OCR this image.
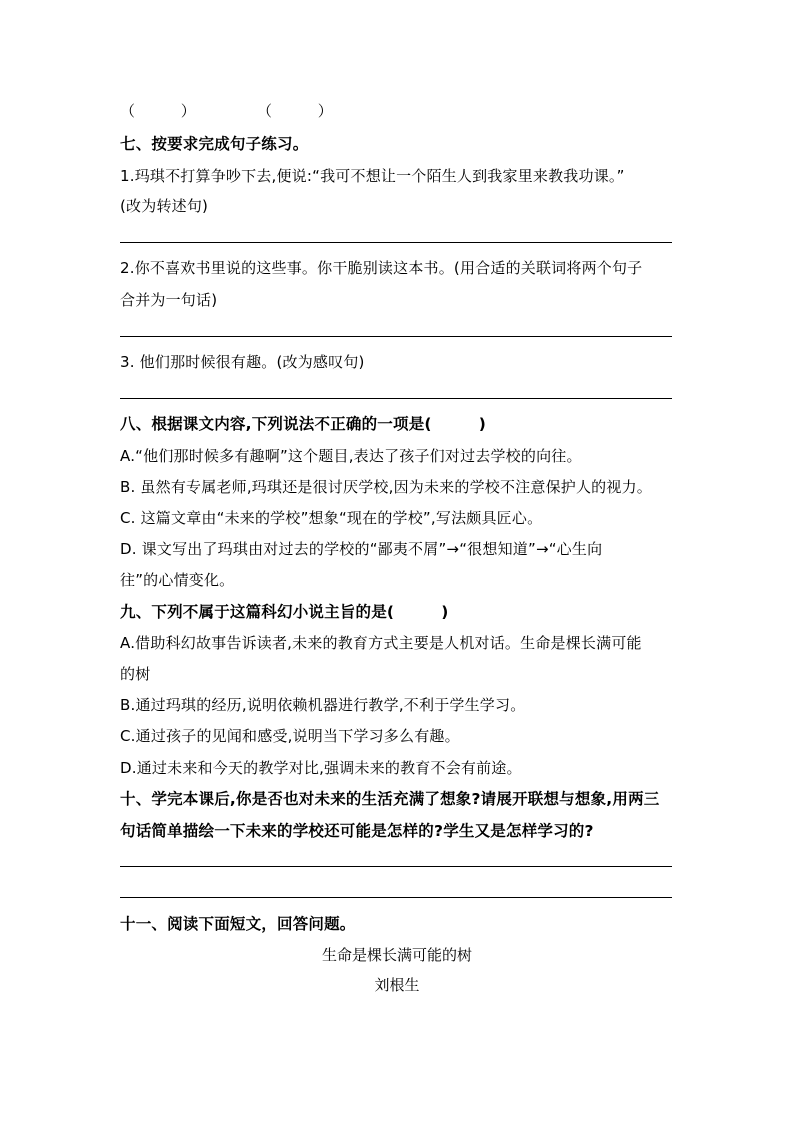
（　　　）　　　　　（　　　）
七、按要求完成句子练习。
1.玛琪不打算争吵下去,便说:“我可不想让一个陌生人到我家里来教我功课。”
(改为转述句)
2.你不喜欢书里说的这些事。你干脆别读这本书。(用合适的关联词将两个句子
合并为一句话)
3. 他们那时候很有趣。(改为感叹句)
八、根据课文内容,下列说法不正确的一项是(　　　)
A.“他们那时候多有趣啊”这个题目,表达了孩子们对过去学校的向往。
B. 虽然有专属老师,玛琪还是很讨厌学校,因为未来的学校不注意保护人的视力。
C. 这篇文章由“未来的学校”想象“现在的学校”,写法颇具匠心。
D. 课文写出了玛琪由对过去的学校的“鄙夷不屑”→“很想知道”→“心生向
往”的心情变化。
九、下列不属于这篇科幻小说主旨的是(　　　)
A.借助科幻故事告诉读者,未来的教育方式主要是人机对话。生命是棵长满可能
的树
B.通过玛琪的经历,说明依赖机器进行教学,不利于学生学习。
C.通过孩子的见闻和感受,说明当下学习多么有趣。
D.通过未来和今天的教学对比,强调未来的教育不会有前途。
十、学完本课后,你是否也对未来的生活充满了想象?请展开联想与想象,用两三
句话简单描绘一下未来的学校还可能是怎样的?学生又是怎样学习的?
十一、阅读下面短文，回答问题。
生命是棵长满可能的树
刘根生
